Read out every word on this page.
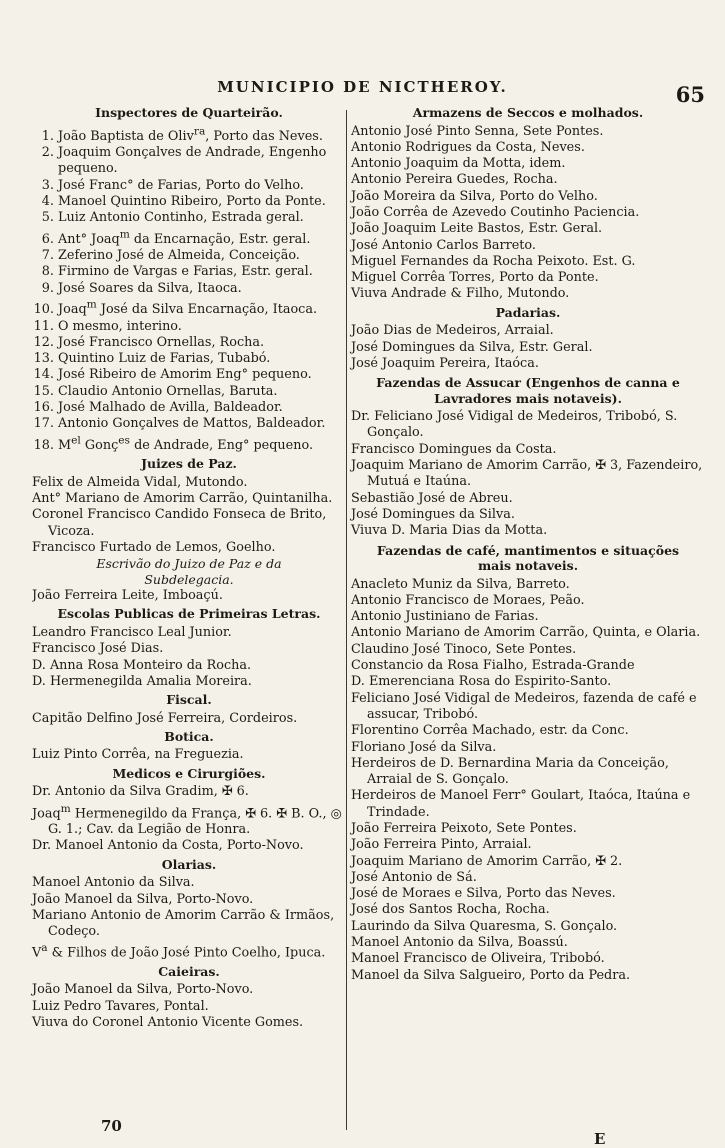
MUNICIPIO DE NICTHEROY.	65
Inspectores de Quarteirão.
1. João Baptista de Oliv$^{ra}$, Porto das Neves.
2. Joaquim Gonçalves de Andrade, Engenho pequeno.
3. José Franc° de Farias, Porto do Velho.
4. Manoel Quintino Ribeiro, Porto da Ponte.
5. Luiz Antonio Continho, Estrada geral.
6. Ant° Joaq$^m$ da Encarnação, Estr. geral.
7. Zeferino José de Almeida, Conceição.
8. Firmino de Vargas e Farias, Estr. geral.
9. José Soares da Silva, Itaoca.
10. Joaq$^m$ José da Silva Encarnação, Itaoca.
11. O mesmo, interino.
12. José Francisco Ornellas, Rocha.
13. Quintino Luiz de Farias, Tubabó.
14. José Ribeiro de Amorim Eng° pequeno.
15. Claudio Antonio Ornellas, Baruta.
16. José Malhado de Avilla, Baldeador.
17. Antonio Gonçalves de Mattos, Baldeador.
18. $M^{el}$ Gonç$^{es}$ de Andrade, Eng° pequeno.
Juizes de Paz.
Felix de Almeida Vidal, Mutondo.
Ant° Mariano de Amorim Carrão, Quintanilha.
Coronel Francisco Candido Fonseca de Brito, Vicoza.
Francisco Furtado de Lemos, Goelho.
Escrivão do Juizo de Paz e da Subdelegacia.
João Ferreira Leite, Imboaçú.
Escolas Publicas de Primeiras Letras.
Leandro Francisco Leal Junior.
Francisco José Dias.
D. Anna Rosa Monteiro da Rocha.
D. Hermenegilda Amalia Moreira.
Fiscal.
Capitão Delfino José Ferreira, Cordeiros.
Botica.
Luiz Pinto Corrêa, na Freguezia.
Medicos e Cirurgiões.
Dr. Antonio da Silva Gradim, ✠ 6.
Joaq$^m$ Hermenegildo da França, ✠ 6. ✠ B. O., ◎ G. 1.; Cav. da Legião de Honra.
Dr. Manoel Antonio da Costa, Porto-Novo.
Olarias.
Manoel Antonio da Silva.
João Manoel da Silva, Porto-Novo.
Mariano Antonio de Amorim Carrão & Irmãos, Codeço.
$V^a$ & Filhos de João José Pinto Coelho, Ipuca.
Caieiras.
João Manoel da Silva, Porto-Novo.
Luiz Pedro Tavares, Pontal.
Viuva do Coronel Antonio Vicente Gomes.
Armazens de Seccos e molhados.
Antonio José Pinto Senna, Sete Pontes.
Antonio Rodrigues da Costa, Neves.
Antonio Joaquim da Motta, idem.
Antonio Pereira Guedes, Rocha.
João Moreira da Silva, Porto do Velho.
João Corrêa de Azevedo Coutinho Paciencia.
João Joaquim Leite Bastos, Estr. Geral.
José Antonio Carlos Barreto.
Miguel Fernandes da Rocha Peixoto. Est. G.
Miguel Corrêa Torres, Porto da Ponte.
Viuva Andrade & Filho, Mutondo.
Padarias.
João Dias de Medeiros, Arraial.
José Domingues da Silva, Estr. Geral.
José Joaquim Pereira, Itaóca.
Fazendas de Assucar (Engenhos de canna e Lavradores mais notaveis).
Dr. Feliciano José Vidigal de Medeiros, Tribobó, S. Gonçalo.
Francisco Domingues da Costa.
Joaquim Mariano de Amorim Carrão, ✠ 3, Fazendeiro, Mutuá e Itaúna.
Sebastião José de Abreu.
José Domingues da Silva.
Viuva D. Maria Dias da Motta.
Fazendas de café, mantimentos e situações mais notaveis.
Anacleto Muniz da Silva, Barreto.
Antonio Francisco de Moraes, Peão.
Antonio Justiniano de Farias.
Antonio Mariano de Amorim Carrão, Quinta, e Olaria.
Claudino José Tinoco, Sete Pontes.
Constancio da Rosa Fialho, Estrada-Grande
D. Emerenciana Rosa do Espirito-Santo.
Feliciano José Vidigal de Medeiros, fazenda de café e assucar, Tribobó.
Florentino Corrêa Machado, estr. da Conc.
Floriano José da Silva.
Herdeiros de D. Bernardina Maria da Conceição, Arraial de S. Gonçalo.
Herdeiros de Manoel Ferr° Goulart, Itaóca, Itaúna e Trindade.
João Ferreira Peixoto, Sete Pontes.
João Ferreira Pinto, Arraial.
Joaquim Mariano de Amorim Carrão, ✠ 2.
José Antonio de Sá.
José de Moraes e Silva, Porto das Neves.
José dos Santos Rocha, Rocha.
Laurindo da Silva Quaresma, S. Gonçalo.
Manoel Antonio da Silva, Boassú.
Manoel Francisco de Oliveira, Tribobó.
Manoel da Silva Salgueiro, Porto da Pedra.
70
E
